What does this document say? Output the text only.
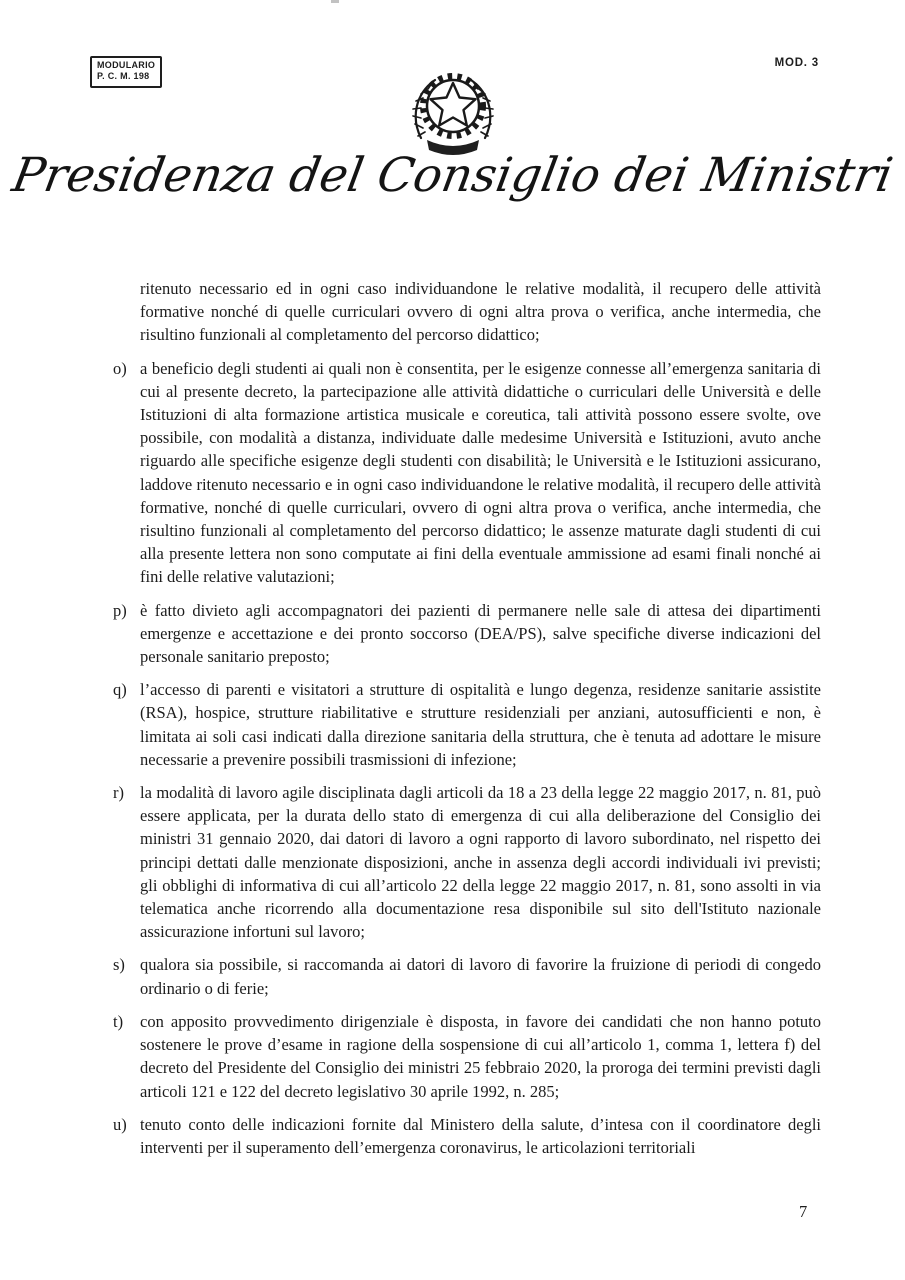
MODULARIO
P. C. M. 198
MOD. 3
Presidenza del Consiglio dei Ministri

ritenuto necessario ed in ogni caso individuandone le relative modalità, il recupero delle attività formative nonché di quelle curriculari ovvero di ogni altra prova o verifica, anche intermedia, che risultino funzionali al completamento del percorso didattico;

o) a beneficio degli studenti ai quali non è consentita, per le esigenze connesse all’emergenza sanitaria di cui al presente decreto, la partecipazione alle attività didattiche o curriculari delle Università e delle Istituzioni di alta formazione artistica musicale e coreutica, tali attività possono essere svolte, ove possibile, con modalità a distanza, individuate dalle medesime Università e Istituzioni, avuto anche riguardo alle specifiche esigenze degli studenti con disabilità; le Università e le Istituzioni assicurano, laddove ritenuto necessario e in ogni caso individuandone le relative modalità, il recupero delle attività formative, nonché di quelle curriculari, ovvero di ogni altra prova o verifica, anche intermedia, che risultino funzionali al completamento del percorso didattico; le assenze maturate dagli studenti di cui alla presente lettera non sono computate ai fini della eventuale ammissione ad esami finali nonché ai fini delle relative valutazioni;
p) è fatto divieto agli accompagnatori dei pazienti di permanere nelle sale di attesa dei dipartimenti emergenze e accettazione e dei pronto soccorso (DEA/PS), salve specifiche diverse indicazioni del personale sanitario preposto;
q) l’accesso di parenti e visitatori a strutture di ospitalità e lungo degenza, residenze sanitarie assistite (RSA), hospice, strutture riabilitative e strutture residenziali per anziani, autosufficienti e non, è limitata ai soli casi indicati dalla direzione sanitaria della struttura, che è tenuta ad adottare le misure necessarie a prevenire possibili trasmissioni di infezione;
r) la modalità di lavoro agile disciplinata dagli articoli da 18 a 23 della legge 22 maggio 2017, n. 81, può essere applicata, per la durata dello stato di emergenza di cui alla deliberazione del Consiglio dei ministri 31 gennaio 2020, dai datori di lavoro a ogni rapporto di lavoro subordinato, nel rispetto dei principi dettati dalle menzionate disposizioni, anche in assenza degli accordi individuali ivi previsti; gli obblighi di informativa di cui all’articolo 22 della legge 22 maggio 2017, n. 81, sono assolti in via telematica anche ricorrendo alla documentazione resa disponibile sul sito dell'Istituto nazionale assicurazione infortuni sul lavoro;
s) qualora sia possibile, si raccomanda ai datori di lavoro di favorire la fruizione di periodi di congedo ordinario o di ferie;
t)	con apposito provvedimento dirigenziale è disposta, in favore dei candidati che non hanno potuto sostenere le prove d’esame in ragione della sospensione di cui all’articolo 1, comma 1, lettera f) del decreto del Presidente del Consiglio dei ministri 25 febbraio 2020, la proroga dei termini previsti dagli articoli 121 e 122 del decreto legislativo 30 aprile 1992, n. 285;
u) tenuto conto delle indicazioni fornite dal Ministero della salute, d’intesa con il coordinatore degli interventi per il superamento dell’emergenza coronavirus, le articolazioni territoriali
7
